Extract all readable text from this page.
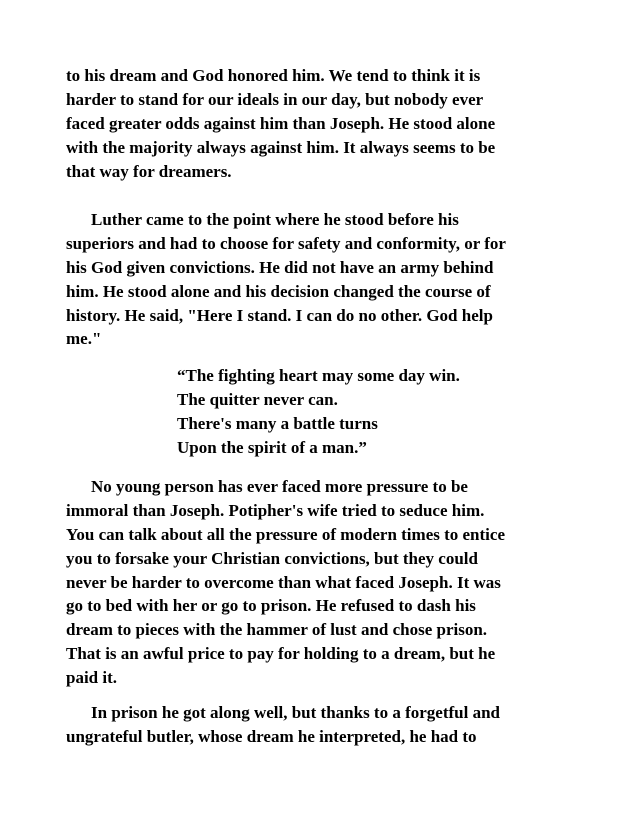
to his dream and God honored him. We tend to think it is
harder to stand for our ideals in our day, but nobody ever
faced greater odds against him than Joseph. He stood alone
with the majority always against him. It always seems to be
that way for dreamers.
Luther came to the point where he stood before his
superiors and had to choose for safety and conformity, or for
his God given convictions. He did not have an army behind
him. He stood alone and his decision changed the course of
history. He said, "Here I stand. I can do no other. God help
me."
“The fighting heart may some day win.
The quitter never can.
There's many a battle turns
Upon the spirit of a man.”
No young person has ever faced more pressure to be
immoral than Joseph. Potipher's wife tried to seduce him.
You can talk about all the pressure of modern times to entice
you to forsake your Christian convictions, but they could
never be harder to overcome than what faced Joseph. It was
go to bed with her or go to prison. He refused to dash his
dream to pieces with the hammer of lust and chose prison.
That is an awful price to pay for holding to a dream, but he
paid it.
In prison he got along well, but thanks to a forgetful and
ungrateful butler, whose dream he interpreted, he had to
